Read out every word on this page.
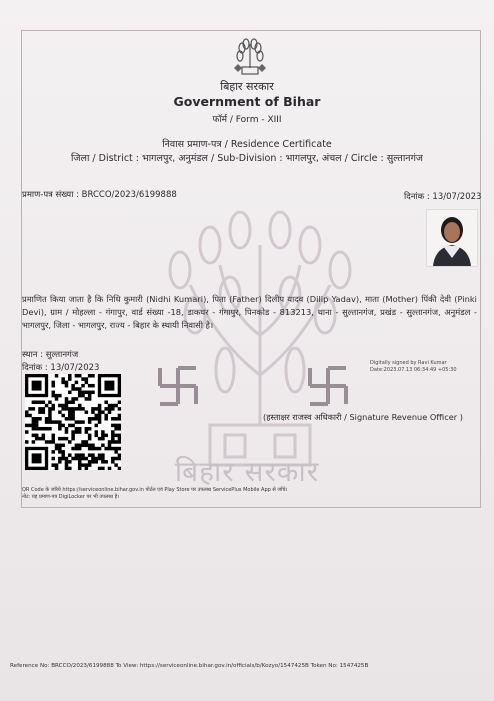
बिहार सरकार
Government of Bihar
फॉर्म / Form - XIII
निवास प्रमाण-पत्र / Residence Certificate
जिला / District : भागलपुर, अनुमंडल / Sub-Division : भागलपुर, अंचल / Circle : सुल्तानगंज
प्रमाण-पत्र संख्या : BRCCO/2023/6199888	दिनांक : 13/07/2023
प्रमाणित किया जाता है कि निधि कुमारी (Nidhi Kumari), पिता (Father) दिलीप यादव (Dilip Yadav), माता (Mother) पिंकी देवी (Pinki Devi), ग्राम / मोहल्ला - गंगापुर, वार्ड संख्या -18, डाकघर - गंगापुर, पिनकोड - 813213, थाना - सुल्तानगंज, प्रखंड - सुल्तानगंज, अनुमंडल - भागलपुर, जिला - भागलपुर, राज्य - बिहार के स्थायी निवासी है।
स्थान : सुल्तानगंज
दिनांक : 13/07/2023	Digitally signed by Ravi Kumar
Date:2023.07.13 06:34:49 +05:30
(हस्ताक्षर राजस्व अधिकारी / Signature Revenue Officer )
बिहार सरकार
QR Code के जरिये https://serviceonline.bihar.gov.in पोर्टल एवं Play Store पर उपलब्ध ServicePlus Mobile App से जाँचे।
नोट: यह प्रमाण-पत्र DigiLocker पर भी उपलब्ध है।
Reference No: BRCCO/2023/6199888 To View: https://serviceonline.bihar.gov.in/officials/b/Kozyo/1547425B Token No: 1547425B
